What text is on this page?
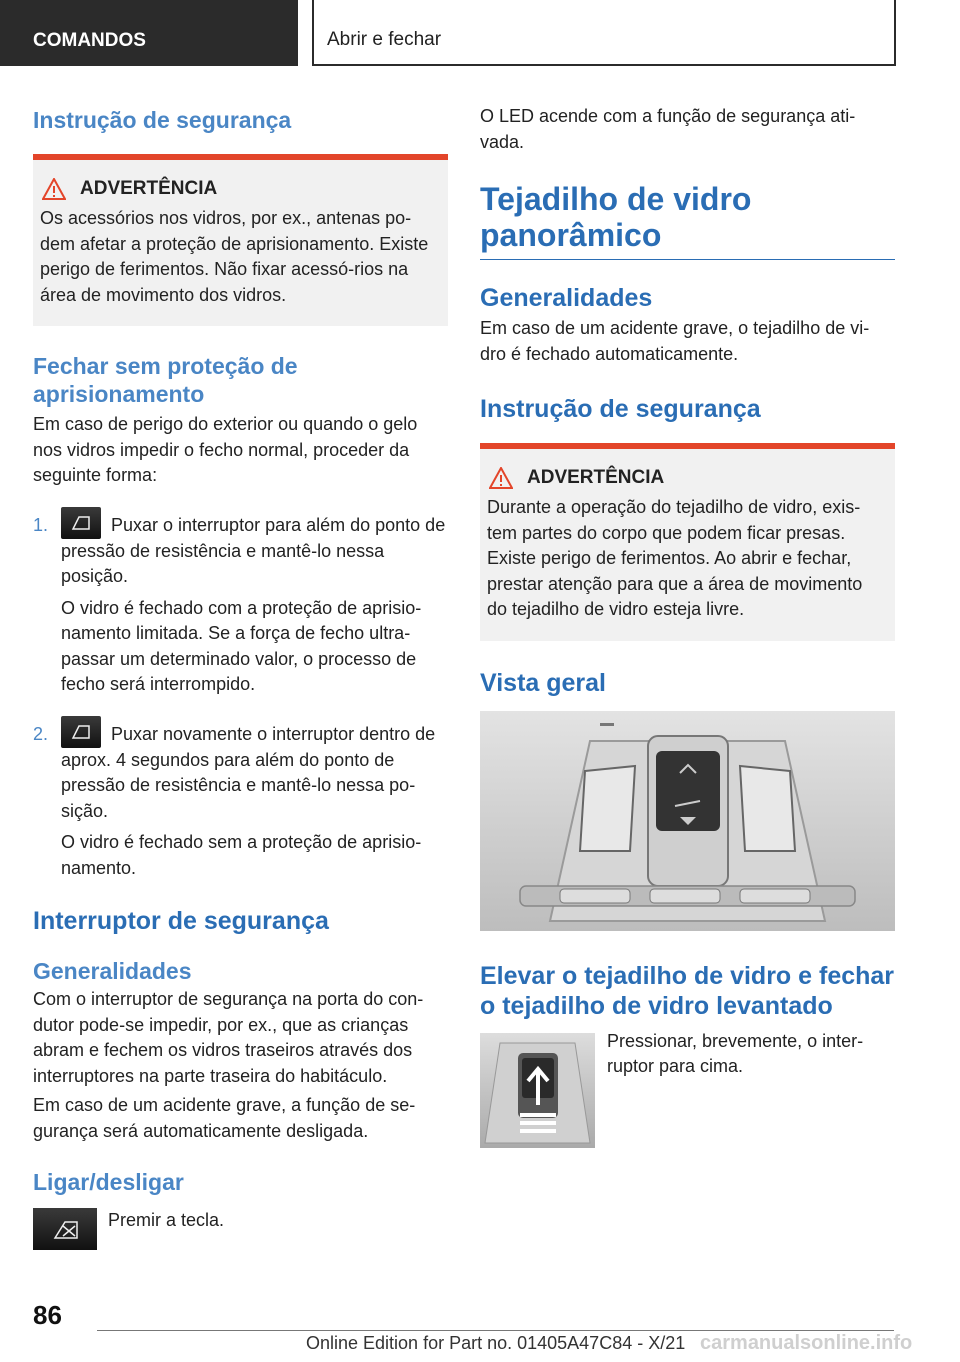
COMANDOS	Abrir e fechar
Instrução de segurança
ADVERTÊNCIA
Os acessórios nos vidros, por ex., antenas po-dem afetar a proteção de aprisionamento. Existe perigo de ferimentos. Não fixar acessó-rios na área de movimento dos vidros.
Fechar sem proteção de aprisionamento
Em caso de perigo do exterior ou quando o gelo nos vidros impedir o fecho normal, proceder da seguinte forma:
1.	Puxar o interruptor para além do ponto de pressão de resistência e mantê-lo nessa posição.
O vidro é fechado com a proteção de aprisio-namento limitada. Se a força de fecho ultra-passar um determinado valor, o processo de fecho será interrompido.
2.	Puxar novamente o interruptor dentro de aprox. 4 segundos para além do ponto de pressão de resistência e mantê-lo nessa po-sição.
O vidro é fechado sem a proteção de aprisio-namento.
Interruptor de segurança
Generalidades
Com o interruptor de segurança na porta do con-dutor pode-se impedir, por ex., que as crianças abram e fechem os vidros traseiros através dos interruptores na parte traseira do habitáculo.
Em caso de um acidente grave, a função de se-gurança será automaticamente desligada.
Ligar/desligar
Premir a tecla.
O LED acende com a função de segurança ati-vada.
Tejadilho de vidro panorâmico
Generalidades
Em caso de um acidente grave, o tejadilho de vi-dro é fechado automaticamente.
Instrução de segurança
ADVERTÊNCIA
Durante a operação do tejadilho de vidro, exis-tem partes do corpo que podem ficar presas. Existe perigo de ferimentos. Ao abrir e fechar, prestar atenção para que a área de movimento do tejadilho de vidro esteja livre.
Vista geral
Elevar o tejadilho de vidro e fechar o tejadilho de vidro levantado
Pressionar, brevemente, o inter-ruptor para cima.
86
Online Edition for Part no. 01405A47C84 - X/21 carmanualsonline.info
